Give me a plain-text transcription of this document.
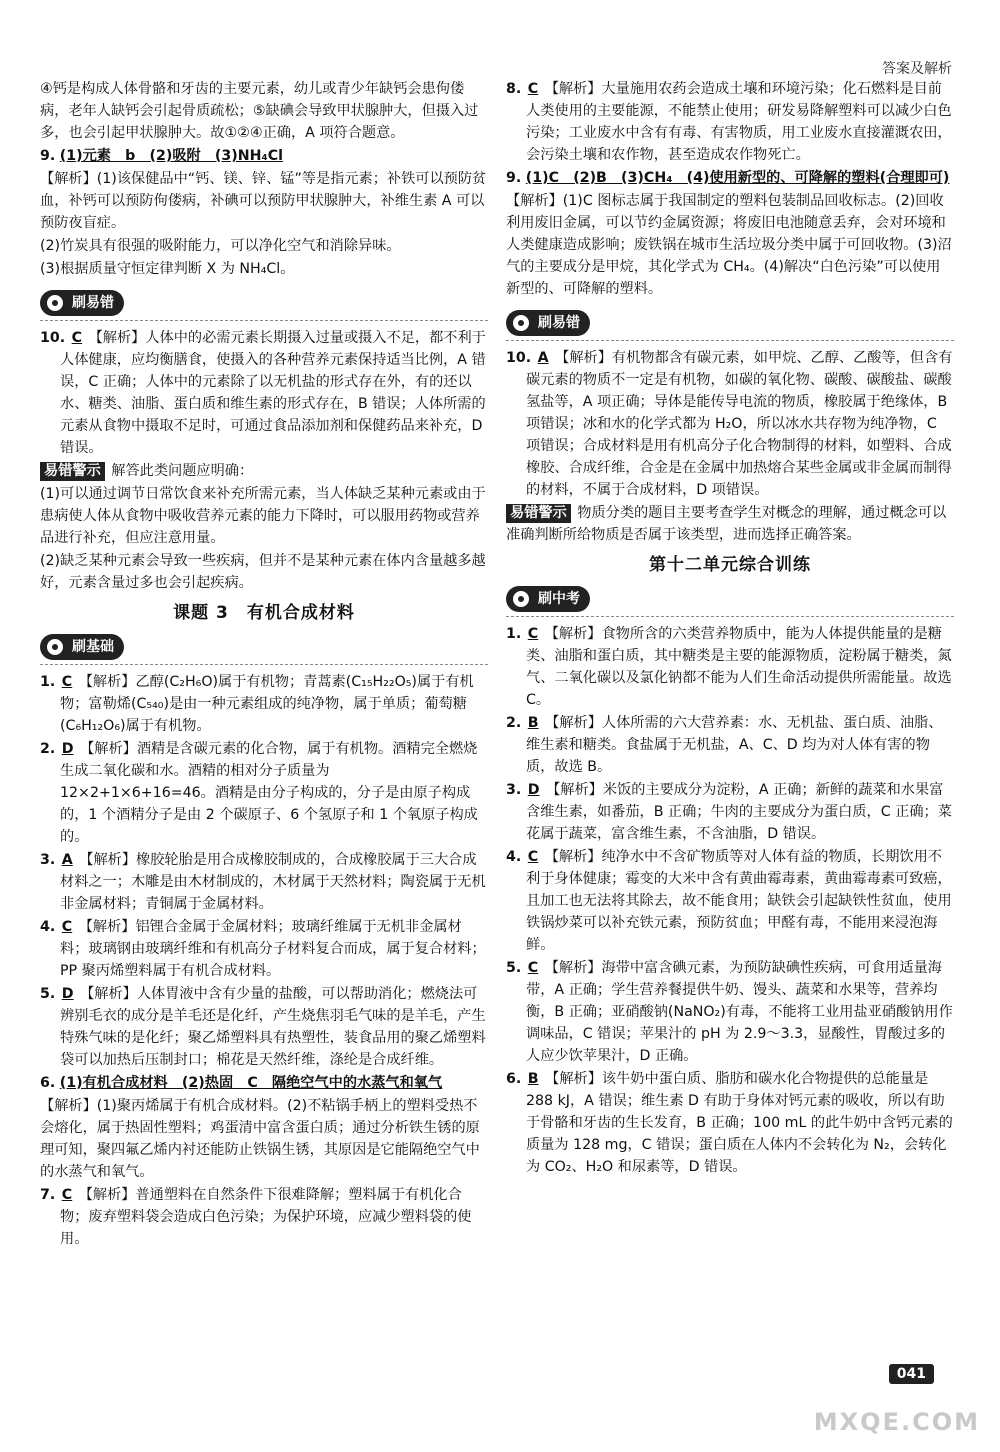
答案及解析
④钙是构成人体骨骼和牙齿的主要元素，幼儿或青少年缺钙会患佝偻病，老年人缺钙会引起骨质疏松；⑤缺碘会导致甲状腺肿大，但摄入过多，也会引起甲状腺肿大。故①②④正确，A 项符合题意。
9. (1)元素　b　(2)吸附　(3)NH₄Cl
【解析】(1)该保健品中“钙、镁、锌、锰”等是指元素；补铁可以预防贫血，补钙可以预防佝偻病，补碘可以预防甲状腺肿大，补维生素 A 可以预防夜盲症。
(2)竹炭具有很强的吸附能力，可以净化空气和消除异味。
(3)根据质量守恒定律判断 X 为 NH₄Cl。
刷易错
10. C 【解析】人体中的必需元素长期摄入过量或摄入不足，都不利于人体健康，应均衡膳食，使摄入的各种营养元素保持适当比例，A 错误，C 正确；人体中的元素除了以无机盐的形式存在外，有的还以水、糖类、油脂、蛋白质和维生素的形式存在，B 错误；人体所需的元素从食物中摄取不足时，可通过食品添加剂和保健药品来补充，D 错误。
易错警示 解答此类问题应明确：
(1)可以通过调节日常饮食来补充所需元素，当人体缺乏某种元素或由于患病使人体从食物中吸收营养元素的能力下降时，可以服用药物或营养品进行补充，但应注意用量。
(2)缺乏某种元素会导致一些疾病，但并不是某种元素在体内含量越多越好，元素含量过多也会引起疾病。
课题 3　有机合成材料
刷基础
1. C 【解析】乙醇(C₂H₆O)属于有机物；青蒿素(C₁₅H₂₂O₅)属于有机物；富勒烯(C₅₄₀)是由一种元素组成的纯净物，属于单质；葡萄糖(C₆H₁₂O₆)属于有机物。
2. D 【解析】酒精是含碳元素的化合物，属于有机物。酒精完全燃烧生成二氧化碳和水。酒精的相对分子质量为 12×2+1×6+16=46。酒精是由分子构成的，分子是由原子构成的，1 个酒精分子是由 2 个碳原子、6 个氢原子和 1 个氧原子构成的。
3. A 【解析】橡胶轮胎是用合成橡胶制成的，合成橡胶属于三大合成材料之一；木雕是由木材制成的，木材属于天然材料；陶瓷属于无机非金属材料；青铜属于金属材料。
4. C 【解析】铝锂合金属于金属材料；玻璃纤维属于无机非金属材料；玻璃钢由玻璃纤维和有机高分子材料复合而成，属于复合材料；PP 聚丙烯塑料属于有机合成材料。
5. D 【解析】人体胃液中含有少量的盐酸，可以帮助消化；燃烧法可辨别毛衣的成分是羊毛还是化纤，产生烧焦羽毛气味的是羊毛，产生特殊气味的是化纤；聚乙烯塑料具有热塑性，装食品用的聚乙烯塑料袋可以加热后压制封口；棉花是天然纤维，涤纶是合成纤维。
6. (1)有机合成材料　(2)热固　C　隔绝空气中的水蒸气和氧气
【解析】(1)聚丙烯属于有机合成材料。(2)不粘锅手柄上的塑料受热不会熔化，属于热固性塑料；鸡蛋清中富含蛋白质；通过分析铁生锈的原理可知，聚四氟乙烯内衬还能防止铁锅生锈，其原因是它能隔绝空气中的水蒸气和氧气。
7. C 【解析】普通塑料在自然条件下很难降解；塑料属于有机化合物；废弃塑料袋会造成白色污染；为保护环境，应减少塑料袋的使用。
8. C 【解析】大量施用农药会造成土壤和环境污染；化石燃料是目前人类使用的主要能源，不能禁止使用；研发易降解塑料可以减少白色污染；工业废水中含有有毒、有害物质，用工业废水直接灌溉农田，会污染土壤和农作物，甚至造成农作物死亡。
9. (1)C　(2)B　(3)CH₄　(4)使用新型的、可降解的塑料(合理即可)
【解析】(1)C 图标志属于我国制定的塑料包装制品回收标志。(2)回收利用废旧金属，可以节约金属资源；将废旧电池随意丢弃，会对环境和人类健康造成影响；废铁锅在城市生活垃圾分类中属于可回收物。(3)沼气的主要成分是甲烷，其化学式为 CH₄。(4)解决“白色污染”可以使用新型的、可降解的塑料。
刷易错
10. A 【解析】有机物都含有碳元素，如甲烷、乙醇、乙酸等，但含有碳元素的物质不一定是有机物，如碳的氧化物、碳酸、碳酸盐、碳酸氢盐等，A 项正确；导体是能传导电流的物质，橡胶属于绝缘体，B 项错误；冰和水的化学式都为 H₂O，所以冰水共存物为纯净物，C 项错误；合成材料是用有机高分子化合物制得的材料，如塑料、合成橡胶、合成纤维，合金是在金属中加热熔合某些金属或非金属而制得的材料，不属于合成材料，D 项错误。
易错警示 物质分类的题目主要考查学生对概念的理解，通过概念可以准确判断所给物质是否属于该类型，进而选择正确答案。
第十二单元综合训练
刷中考
1. C 【解析】食物所含的六类营养物质中，能为人体提供能量的是糖类、油脂和蛋白质，其中糖类是主要的能源物质，淀粉属于糖类，氮气、二氧化碳以及氯化钠都不能为人们生命活动提供所需能量。故选 C。
2. B 【解析】人体所需的六大营养素：水、无机盐、蛋白质、油脂、维生素和糖类。食盐属于无机盐，A、C、D 均为对人体有害的物质，故选 B。
3. D 【解析】米饭的主要成分为淀粉，A 正确；新鲜的蔬菜和水果富含维生素，如番茄，B 正确；牛肉的主要成分为蛋白质，C 正确；菜花属于蔬菜，富含维生素，不含油脂，D 错误。
4. C 【解析】纯净水中不含矿物质等对人体有益的物质，长期饮用不利于身体健康；霉变的大米中含有黄曲霉毒素，黄曲霉毒素可致癌，且加工也无法将其除去，故不能食用；缺铁会引起缺铁性贫血，使用铁锅炒菜可以补充铁元素，预防贫血；甲醛有毒，不能用来浸泡海鲜。
5. C 【解析】海带中富含碘元素，为预防缺碘性疾病，可食用适量海带，A 正确；学生营养餐提供牛奶、馒头、蔬菜和水果等，营养均衡，B 正确；亚硝酸钠(NaNO₂)有毒，不能将工业用盐亚硝酸钠用作调味品，C 错误；苹果汁的 pH 为 2.9～3.3，显酸性，胃酸过多的人应少饮苹果汁，D 正确。
6. B 【解析】该牛奶中蛋白质、脂肪和碳水化合物提供的总能量是 288 kJ，A 错误；维生素 D 有助于身体对钙元素的吸收，所以有助于骨骼和牙齿的生长发育，B 正确；100 mL 的此牛奶中含钙元素的质量为 128 mg，C 错误；蛋白质在人体内不会转化为 N₂，会转化为 CO₂、H₂O 和尿素等，D 错误。
041
MXQE.COM
